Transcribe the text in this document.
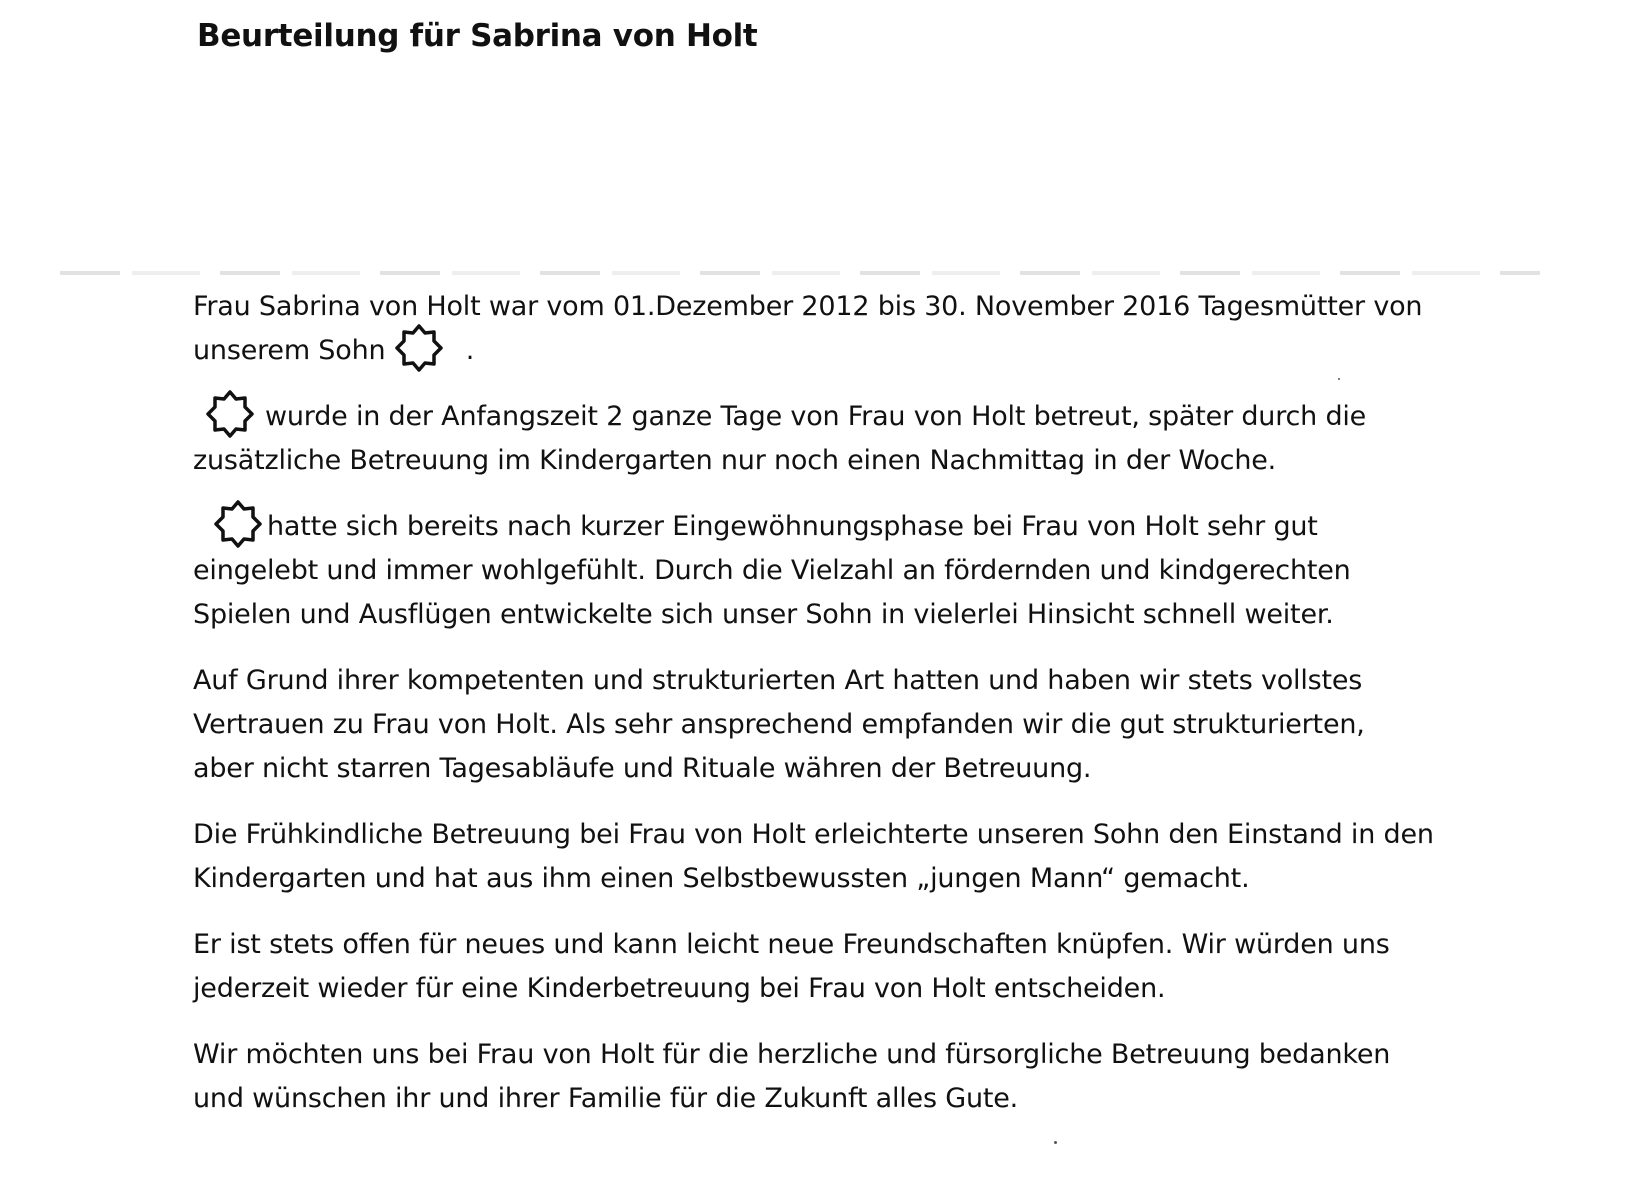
Beurteilung für Sabrina von Holt

Frau Sabrina von Holt war vom 01.Dezember 2012 bis 30. November 2016 Tagesmütter von
unserem Sohn	.

wurde in der Anfangszeit 2 ganze Tage von Frau von Holt betreut, später durch die
zusätzliche Betreuung im Kindergarten nur noch einen Nachmittag in der Woche.

hatte sich bereits nach kurzer Eingewöhnungsphase bei Frau von Holt sehr gut
eingelebt und immer wohlgefühlt. Durch die Vielzahl an fördernden und kindgerechten
Spielen und Ausflügen entwickelte sich unser Sohn in vielerlei Hinsicht schnell weiter.

Auf Grund ihrer kompetenten und strukturierten Art hatten und haben wir stets vollstes
Vertrauen zu Frau von Holt. Als sehr ansprechend empfanden wir die gut strukturierten,
aber nicht starren Tagesabläufe und Rituale währen der Betreuung.

Die Frühkindliche Betreuung bei Frau von Holt erleichterte unseren Sohn den Einstand in den
Kindergarten und hat aus ihm einen Selbstbewussten „jungen Mann“ gemacht.

Er ist stets offen für neues und kann leicht neue Freundschaften knüpfen. Wir würden uns
jederzeit wieder für eine Kinderbetreuung bei Frau von Holt entscheiden.

Wir möchten uns bei Frau von Holt für die herzliche und fürsorgliche Betreuung bedanken
und wünschen ihr und ihrer Familie für die Zukunft alles Gute.
